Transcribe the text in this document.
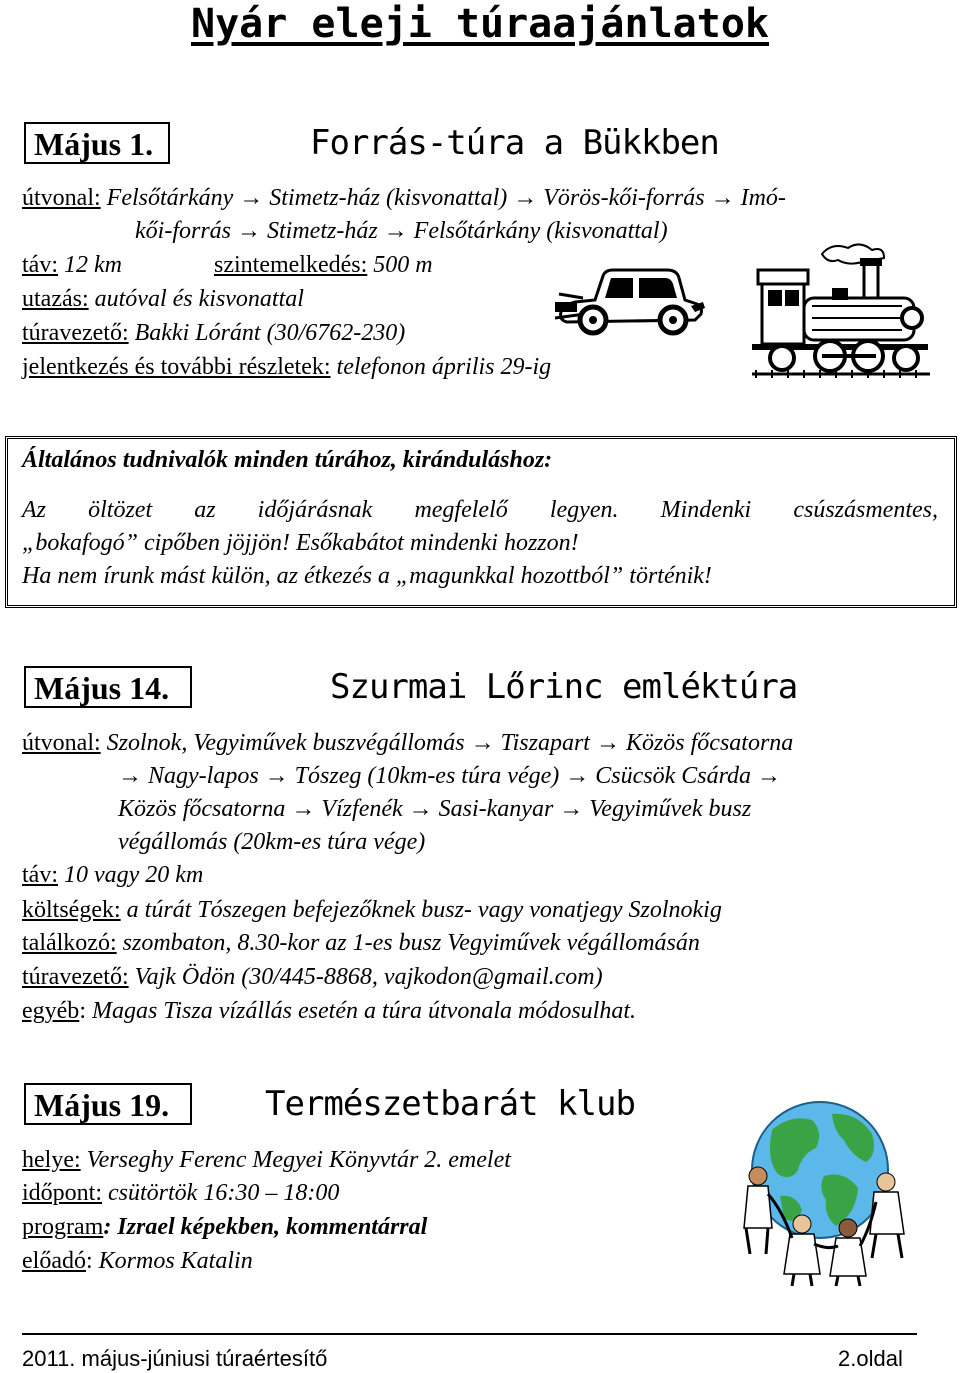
Nyár eleji túraajánlatok
Május 1.	Forrás-túra a Bükkben
útvonal: Felsőtárkány → Stimetz-ház (kisvonattal) → Vörös-kői-forrás → Imó-
kői-forrás → Stimetz-ház → Felsőtárkány (kisvonattal)
táv: 12 km	szintemelkedés: 500 m
utazás: autóval és kisvonattal
túravezető: Bakki Lóránt (30/6762-230)
jelentkezés és további részletek: telefonon április 29-ig
Általános tudnivalók minden túrához, kiránduláshoz:
Az öltözet az időjárásnak megfelelő legyen. Mindenki csúszásmentes,
„bokafogó” cipőben jöjjön! Esőkabátot mindenki hozzon!
Ha nem írunk mást külön, az étkezés a „magunkkal hozottból” történik!
Május 14.	Szurmai Lőrinc emléktúra
útvonal: Szolnok, Vegyiművek buszvégállomás → Tiszapart → Közös főcsatorna
→ Nagy-lapos → Tószeg (10km-es túra vége) → Csücsök Csárda →
Közös főcsatorna → Vízfenék → Sasi-kanyar → Vegyiművek busz
végállomás (20km-es túra vége)
táv: 10 vagy 20 km
költségek: a túrát Tószegen befejezőknek busz- vagy vonatjegy Szolnokig
találkozó: szombaton, 8.30-kor az 1-es busz Vegyiművek végállomásán
túravezető: Vajk Ödön (30/445-8868, vajkodon@gmail.com)
egyéb: Magas Tisza vízállás esetén a túra útvonala módosulhat.
Május 19.	Természetbarát klub
helye: Verseghy Ferenc Megyei Könyvtár 2. emelet
időpont: csütörtök 16:30 – 18:00
program: Izrael képekben, kommentárral
előadó: Kormos Katalin
2011. május-júniusi túraértesítő	2.oldal
